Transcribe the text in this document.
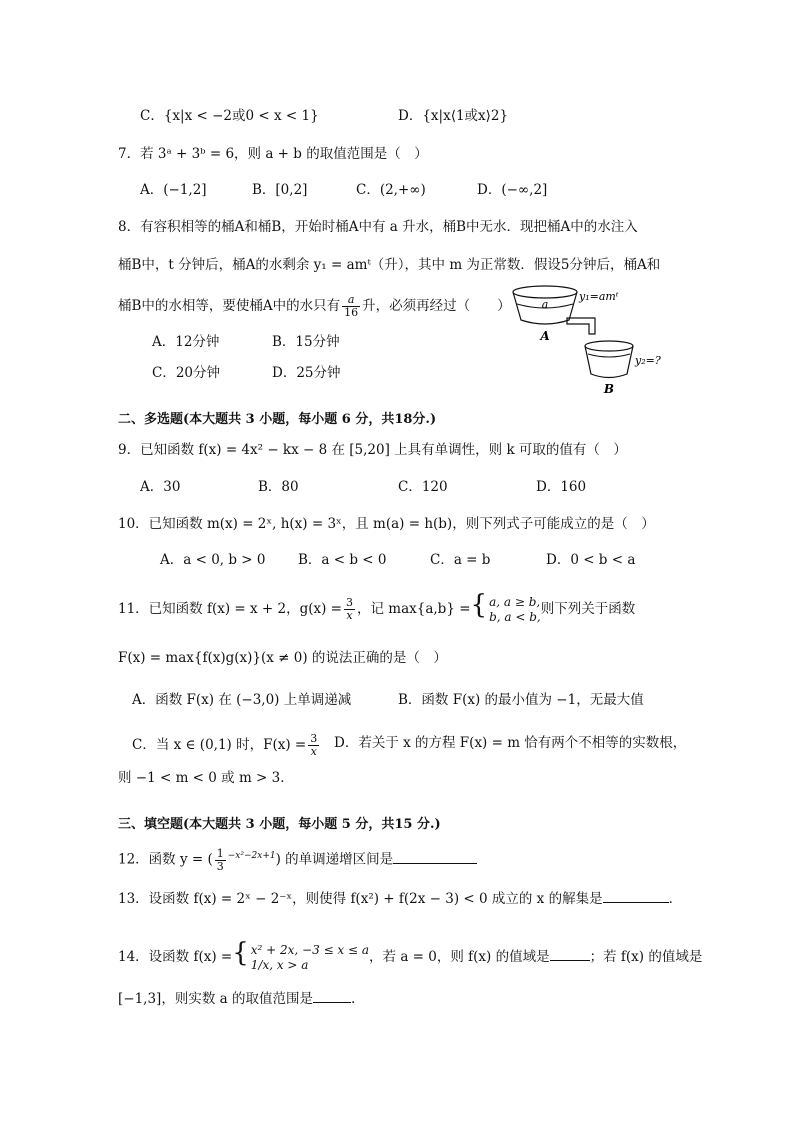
C．{x|x < −2或0 < x < 1}	D．{x|x⟨1或x⟩2}
7．若 3ᵃ + 3ᵇ = 6，则 a + b 的取值范围是（　）
A．(−1,2]	B．[0,2]	C．(2,+∞)	D．(−∞,2]
8．有容积相等的桶A和桶B，开始时桶A中有 a 升水，桶B中无水．现把桶A中的水注入
桶B中，t 分钟后，桶A的水剩余 y₁ = amᵗ（升），其中 m 为正常数．假设5分钟后，桶A和
桶B中的水相等，要使桶A中的水只有 $\frac{a}{16}$ 升，必须再经过（　　）
A．12分钟	B．15分钟
C．20分钟	D．25分钟
a
A
y₁=amᵗ
B
y₂=?
二、多选题(本大题共 3 小题，每小题 6 分，共18分.)
9．已知函数 f(x) = 4x² − kx − 8 在 [5,20] 上具有单调性，则 k 可取的值有（　）
A．30	B．80	C．120	D．160
10．已知函数 m(x) = 2ˣ, h(x) = 3ˣ，且 m(a) = h(b)，则下列式子可能成立的是（　）
A．a < 0, b > 0 B．a < b < 0	C．a = b	D．0 < b < a
11．已知函数 f(x) = x + 2，$g(x) = \frac{3}{x}$ ，记 max{a,b} ={ a, a ≥ b,
b, a < b, 则下列关于函数
F(x) = max{f(x)g(x)}(x ≠ 0) 的说法正确的是（　）
A．函数 F(x) 在 (−3,0) 上单调递减	B．函数 F(x) 的最小值为 −1，无最大值
C．当 x ∈ (0,1) 时，$F(x) = \frac{3}{x}$ D．若关于 x 的方程 F(x) = m 恰有两个不相等的实数根，
则 −1 < m < 0 或 m > 3．
三、填空题(本大题共 3 小题，每小题 5 分，共15 分.)
12．函数 y = ( $\frac{1}{3} ^{-x^2-2x+1}$) 的单调递增区间是
13．设函数 f(x) = 2ˣ − 2⁻ˣ，则使得 f(x²) + f(2x − 3) < 0 成立的 x 的解集是	．
14．设函数 f(x) ={ x² + 2x, −3 ≤ x ≤ a
1/x, x > a	，若 a = 0，则 f(x) 的值域是	；若 f(x) 的值域是
[−1,3]，则实数 a 的取值范围是	.
